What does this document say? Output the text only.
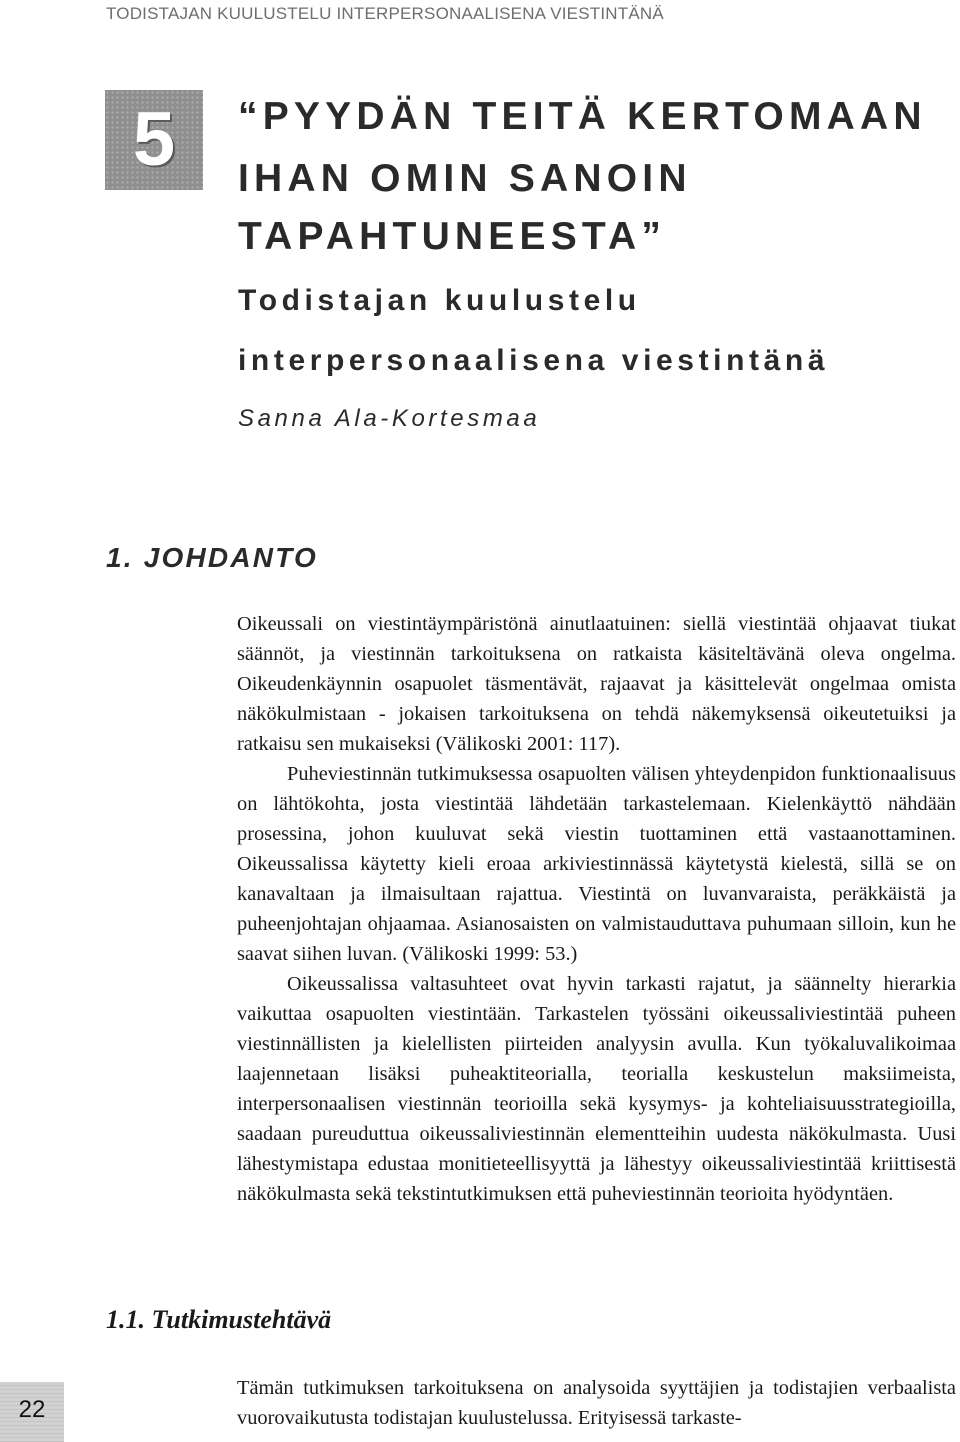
TODISTAJAN KUULUSTELU INTERPERSONAALISENA VIESTINTÄNÄ
5	“PYYDÄN TEITÄ KERTOMAAN
IHAN OMIN SANOIN
TAPAHTUNEESTA”
Todistajan kuulustelu
interpersonaalisena viestintänä
Sanna Ala-Kortesmaa
1. JOHDANTO

Oikeussali on viestintäympäristönä ainutlaatuinen: siellä viestintää ohjaavat tiukat säännöt, ja viestinnän tarkoituksena on ratkaista käsiteltävänä oleva ongelma. Oikeudenkäynnin osapuolet täsmentävät, rajaavat ja käsittelevät ongelmaa omista näkökulmistaan - jokaisen tarkoituksena on tehdä näkemyksensä oikeutetuiksi ja ratkaisu sen mukaiseksi (Välikoski 2001: 117).

Puheviestinnän tutkimuksessa osapuolten välisen yhteydenpidon funktionaalisuus on lähtökohta, josta viestintää lähdetään tarkastelemaan. Kielenkäyttö nähdään prosessina, johon kuuluvat sekä viestin tuottaminen että vastaanottaminen. Oikeussalissa käytetty kieli eroaa arkiviestinnässä käytetystä kielestä, sillä se on kanavaltaan ja ilmaisultaan rajattua. Viestintä on luvanvaraista, peräkkäistä ja puheenjohtajan ohjaamaa. Asianosaisten on valmistauduttava puhumaan silloin, kun he saavat siihen luvan. (Välikoski 1999: 53.)

Oikeussalissa valtasuhteet ovat hyvin tarkasti rajatut, ja säännelty hierarkia vaikuttaa osapuolten viestintään. Tarkastelen työssäni oikeussaliviestintää puheen viestinnällisten ja kielellisten piirteiden analyysin avulla. Kun työkaluvalikoimaa laajennetaan lisäksi puheaktiteorialla, teorialla keskustelun maksiimeista, interpersonaalisen viestinnän teorioilla sekä kysymys- ja kohteliaisuusstrategioilla, saadaan pureuduttua oikeussaliviestinnän elementteihin uudesta näkökulmasta. Uusi lähestymistapa edustaa monitieteellisyyttä ja lähestyy oikeussaliviestintää kriittisestä näkökulmasta sekä tekstintutkimuksen että puheviestinnän teorioita hyödyntäen.

1.1. Tutkimustehtävä
22

Tämän tutkimuksen tarkoituksena on analysoida syyttäjien ja todistajien verbaalista vuorovaikutusta todistajan kuulustelussa. Erityisessä tarkaste-
